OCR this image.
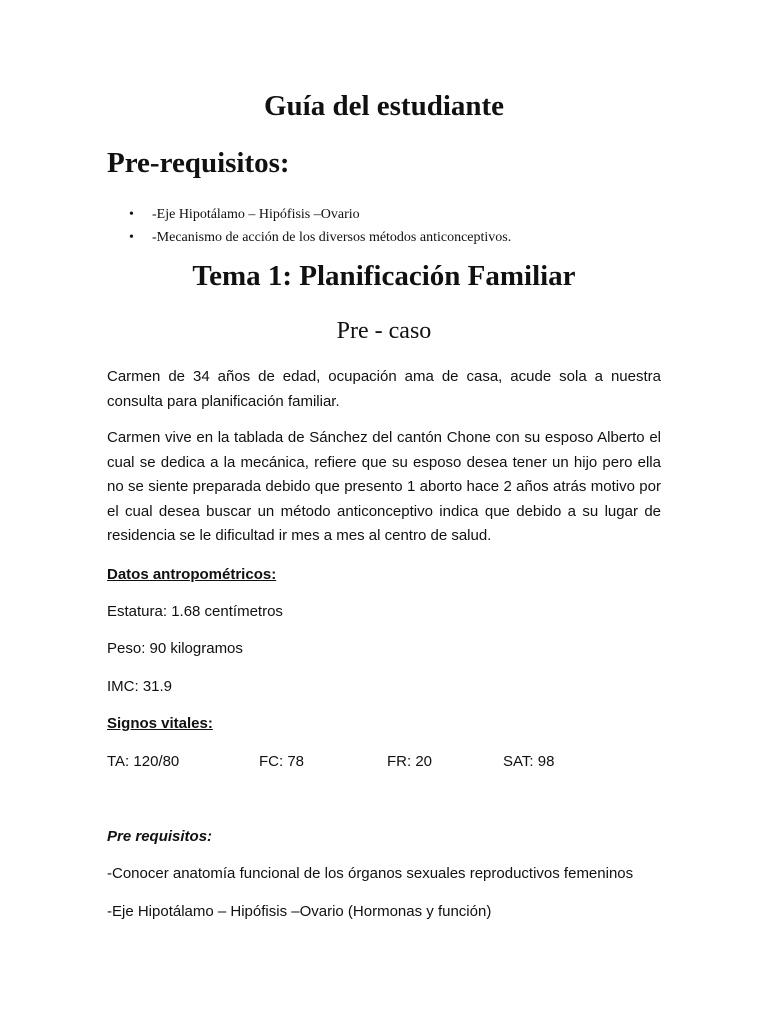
Guía del estudiante
Pre-requisitos:
• -Eje Hipotálamo – Hipófisis –Ovario
• -Mecanismo de acción de los diversos métodos anticonceptivos.
Tema 1: Planificación Familiar
Pre - caso

Carmen de 34 años de edad, ocupación ama de casa, acude sola a nuestra consulta para planificación familiar.

Carmen vive en la tablada de Sánchez del cantón Chone con su esposo Alberto el cual se dedica a la mecánica, refiere que su esposo desea tener un hijo pero ella no se siente preparada debido que presento 1 aborto hace 2 años atrás motivo por el cual desea buscar un método anticonceptivo indica que debido a su lugar de residencia se le dificultad ir mes a mes al centro de salud.

Datos antropométricos:

Estatura: 1.68 centímetros

Peso: 90 kilogramos

IMC: 31.9

Signos vitales:

TA: 120/80	FC: 78	FR: 20	SAT: 98

Pre requisitos:

-Conocer anatomía funcional de los órganos sexuales reproductivos femeninos

-Eje Hipotálamo – Hipófisis –Ovario (Hormonas y función)
